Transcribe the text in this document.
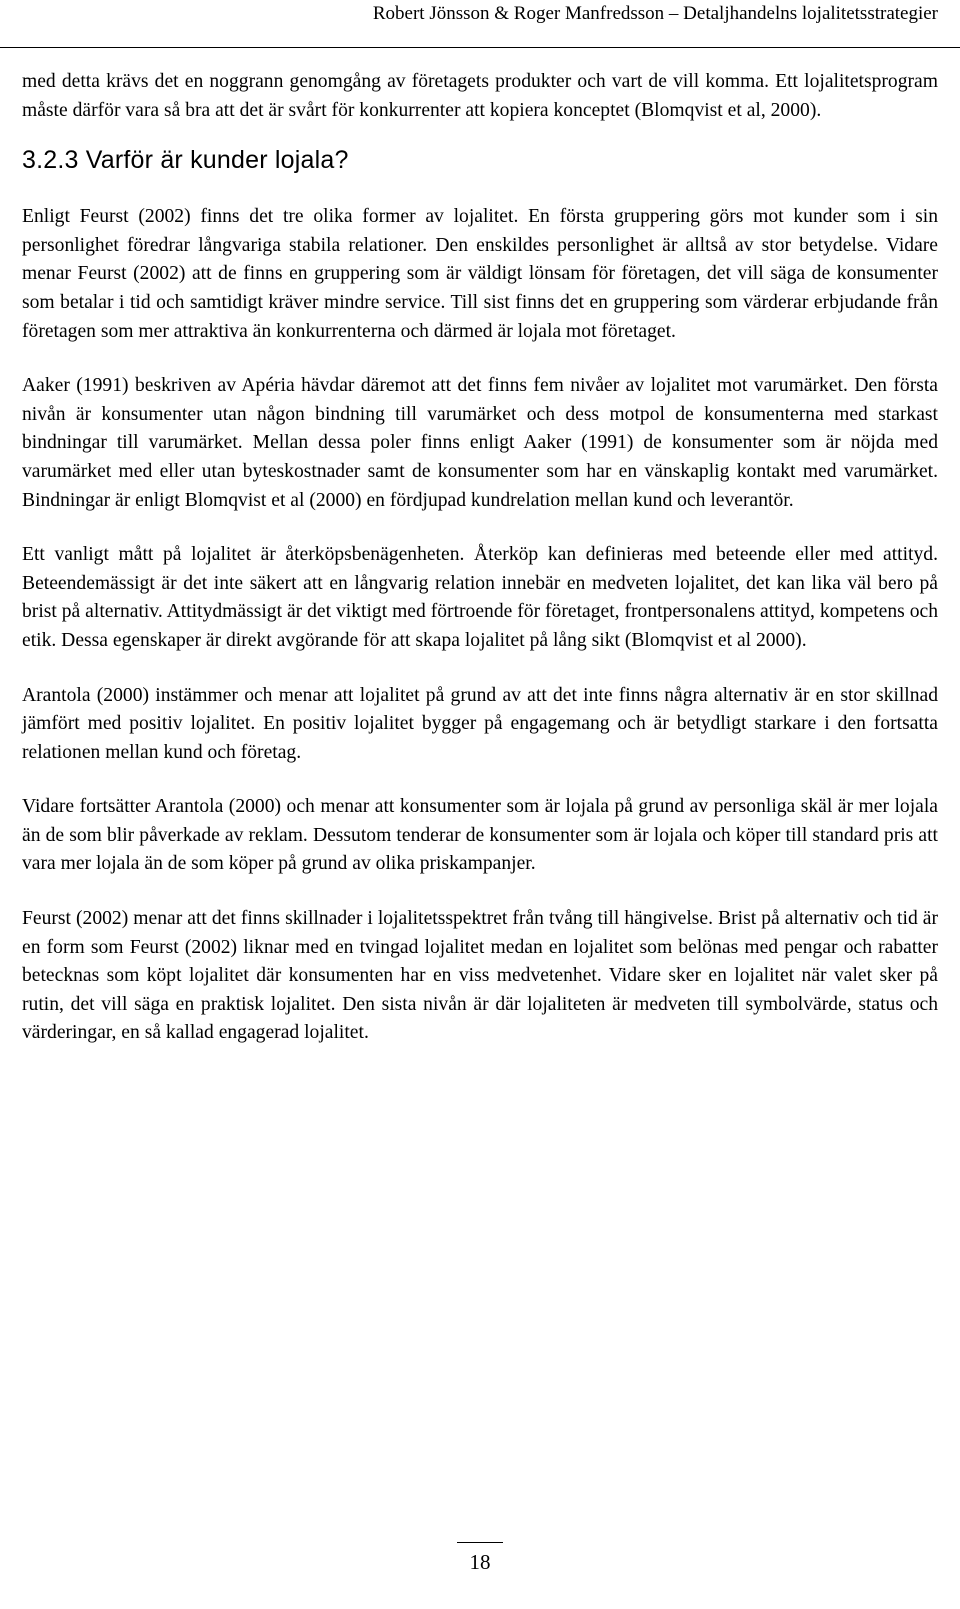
Robert Jönsson & Roger Manfredsson – Detaljhandelns lojalitetsstrategier

med detta krävs det en noggrann genomgång av företagets produkter och vart de vill komma. Ett lojalitetsprogram måste därför vara så bra att det är svårt för konkurrenter att kopiera konceptet (Blomqvist et al, 2000).

3.2.3 Varför är kunder lojala?

Enligt Feurst (2002) finns det tre olika former av lojalitet. En första gruppering görs mot kunder som i sin personlighet föredrar långvariga stabila relationer. Den enskildes personlighet är alltså av stor betydelse. Vidare menar Feurst (2002) att de finns en gruppering som är väldigt lönsam för företagen, det vill säga de konsumenter som betalar i tid och samtidigt kräver mindre service. Till sist finns det en gruppering som värderar erbjudande från företagen som mer attraktiva än konkurrenterna och därmed är lojala mot företaget.

Aaker (1991) beskriven av Apéria hävdar däremot att det finns fem nivåer av lojalitet mot varumärket. Den första nivån är konsumenter utan någon bindning till varumärket och dess motpol de konsumenterna med starkast bindningar till varumärket. Mellan dessa poler finns enligt Aaker (1991) de konsumenter som är nöjda med varumärket med eller utan byteskostnader samt de konsumenter som har en vänskaplig kontakt med varumärket. Bindningar är enligt Blomqvist et al (2000) en fördjupad kundrelation mellan kund och leverantör.

Ett vanligt mått på lojalitet är återköpsbenägenheten. Återköp kan definieras med beteende eller med attityd. Beteendemässigt är det inte säkert att en långvarig relation innebär en medveten lojalitet, det kan lika väl bero på brist på alternativ. Attitydmässigt är det viktigt med förtroende för företaget, frontpersonalens attityd, kompetens och etik. Dessa egenskaper är direkt avgörande för att skapa lojalitet på lång sikt (Blomqvist et al 2000).

Arantola (2000) instämmer och menar att lojalitet på grund av att det inte finns några alternativ är en stor skillnad jämfört med positiv lojalitet. En positiv lojalitet bygger på engagemang och är betydligt starkare i den fortsatta relationen mellan kund och företag.

Vidare fortsätter Arantola (2000) och menar att konsumenter som är lojala på grund av personliga skäl är mer lojala än de som blir påverkade av reklam. Dessutom tenderar de konsumenter som är lojala och köper till standard pris att vara mer lojala än de som köper på grund av olika priskampanjer.

Feurst (2002) menar att det finns skillnader i lojalitetsspektret från tvång till hängivelse. Brist på alternativ och tid är en form som Feurst (2002) liknar med en tvingad lojalitet medan en lojalitet som belönas med pengar och rabatter betecknas som köpt lojalitet där konsumenten har en viss medvetenhet. Vidare sker en lojalitet när valet sker på rutin, det vill säga en praktisk lojalitet. Den sista nivån är där lojaliteten är medveten till symbolvärde, status och värderingar, en så kallad engagerad lojalitet.

18
